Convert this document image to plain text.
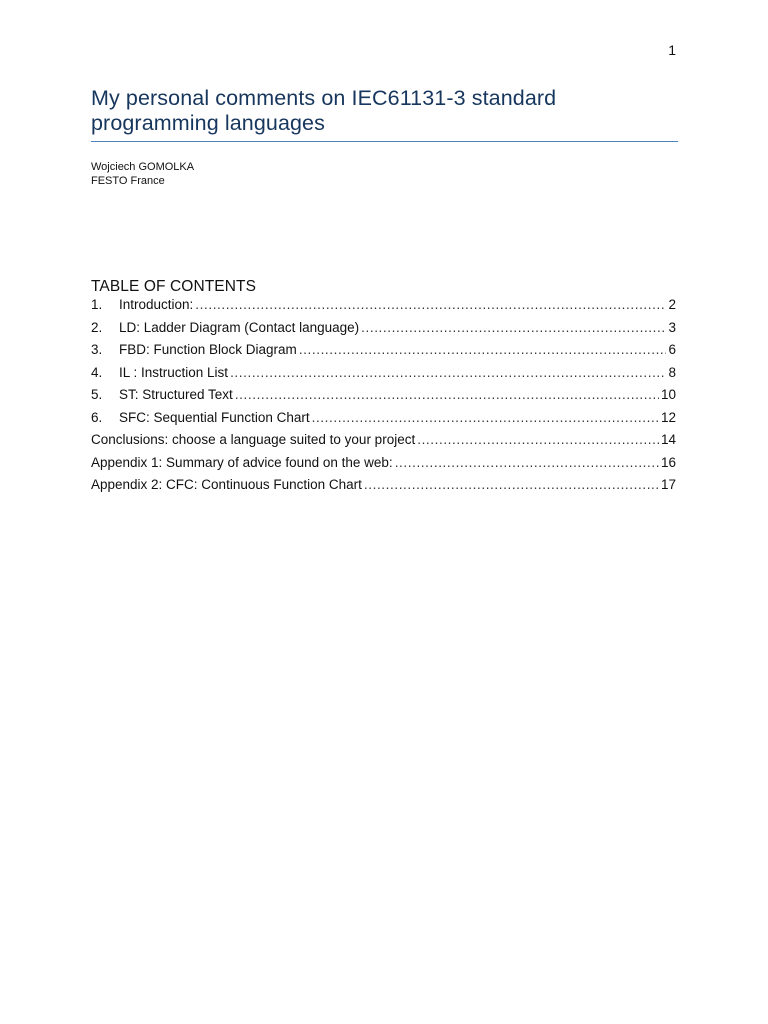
1
My personal comments on IEC61131-3 standard
programming languages
Wojciech GOMOLKA
FESTO France
TABLE OF CONTENTS
1.	Introduction: .....	2
2.	LD: Ladder Diagram (Contact language) .....	3
3.	FBD: Function Block Diagram .....	6
4.	IL : Instruction List .....	8
5.	ST: Structured Text .....	10
6.	SFC: Sequential Function Chart .....	12
Conclusions: choose a language suited to your project .....	14
Appendix 1: Summary of advice found on the web: .....	16
Appendix 2: CFC: Continuous Function Chart .....	17
